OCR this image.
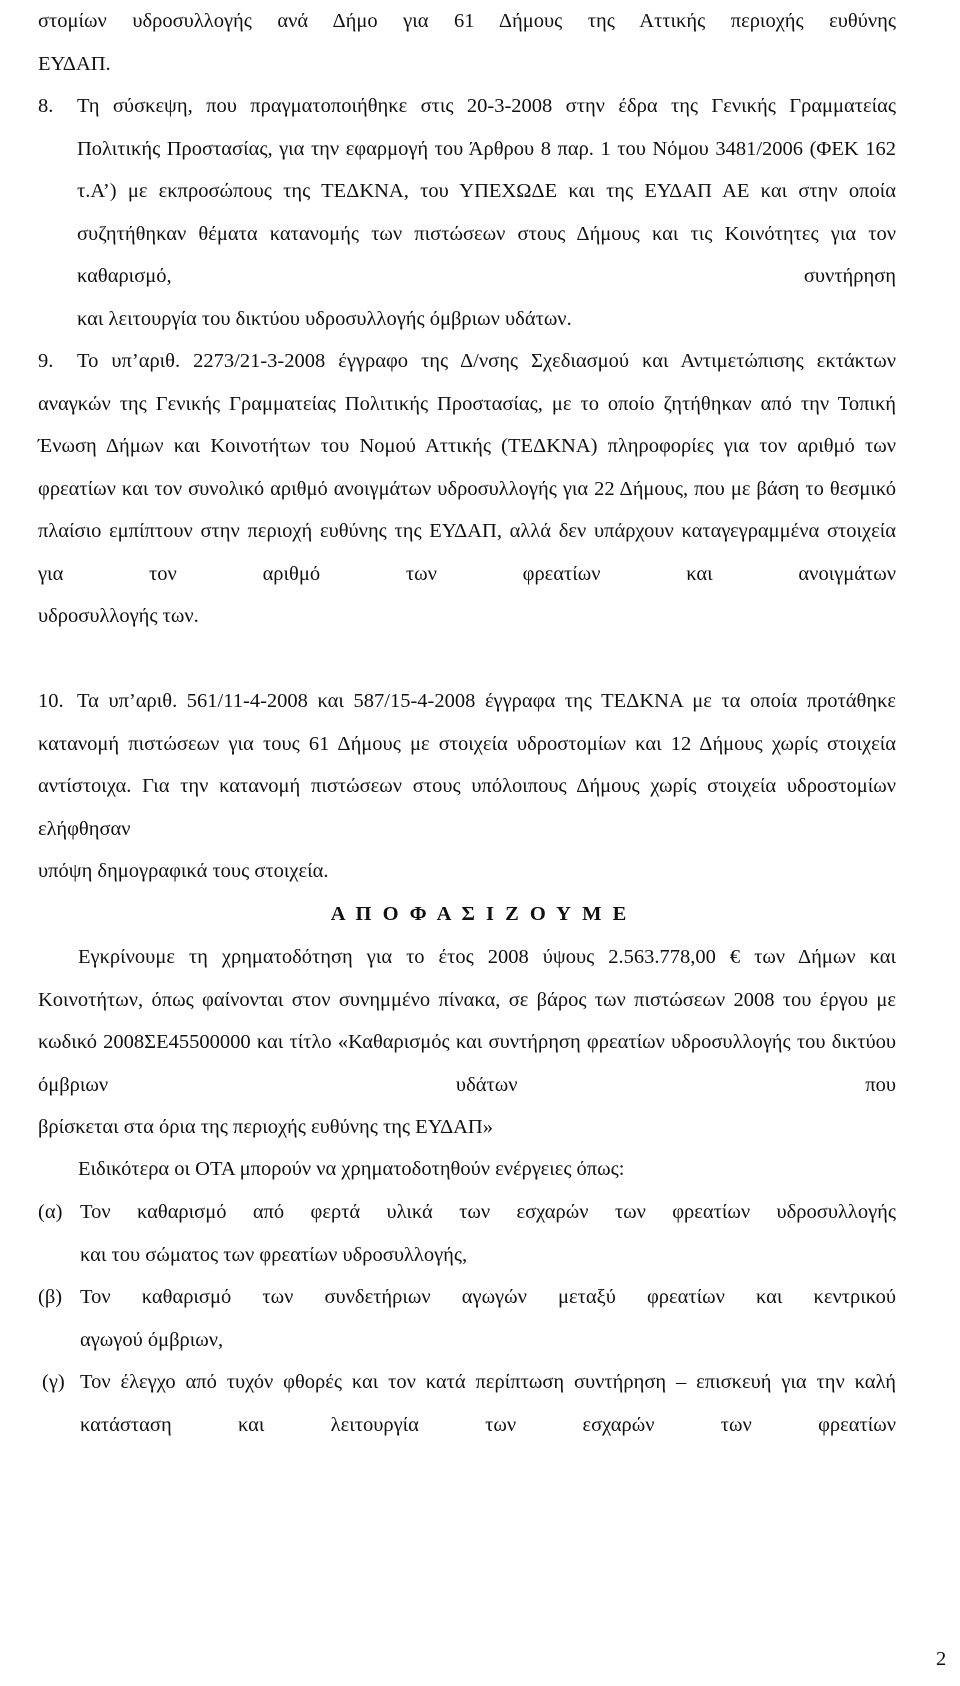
στομίων υδροσυλλογής ανά Δήμο για 61 Δήμους της Αττικής περιοχής ευθύνης
ΕΥΔΑΠ.
8.	Τη σύσκεψη, που πραγματοποιήθηκε στις 20-3-2008 στην έδρα της Γενικής Γραμματείας Πολιτικής Προστασίας, για την εφαρμογή του Άρθρου 8 παρ. 1 του Νόμου 3481/2006 (ΦΕΚ 162 τ.Α’) με εκπροσώπους της ΤΕΔΚΝΑ, του ΥΠΕΧΩΔΕ και της ΕΥΔΑΠ ΑΕ και στην οποία συζητήθηκαν θέματα κατανομής των πιστώσεων στους Δήμους και τις Κοινότητες για τον καθαρισμό, συντήρηση
και λειτουργία του δικτύου υδροσυλλογής όμβριων υδάτων.
9.	Το υπ’αριθ. 2273/21-3-2008 έγγραφο της Δ/νσης Σχεδιασμού και Αντιμετώπισης εκτάκτων αναγκών της Γενικής Γραμματείας Πολιτικής Προστασίας, με το οποίο ζητήθηκαν από την Τοπική Ένωση Δήμων και Κοινοτήτων του Νομού Αττικής (ΤΕΔΚΝΑ) πληροφορίες για τον αριθμό των φρεατίων και τον συνολικό αριθμό ανοιγμάτων υδροσυλλογής για 22 Δήμους, που με βάση το θεσμικό πλαίσιο εμπίπτουν στην περιοχή ευθύνης της ΕΥΔΑΠ, αλλά δεν υπάρχουν καταγεγραμμένα στοιχεία για τον αριθμό των φρεατίων και ανοιγμάτων
υδροσυλλογής των.
10. Τα υπ’αριθ. 561/11-4-2008 και 587/15-4-2008 έγγραφα της ΤΕΔΚΝΑ με τα οποία προτάθηκε κατανομή πιστώσεων για τους 61 Δήμους με στοιχεία υδροστομίων και 12 Δήμους χωρίς στοιχεία αντίστοιχα. Για την κατανομή πιστώσεων στους υπόλοιπους Δήμους χωρίς στοιχεία υδροστομίων ελήφθησαν
υπόψη δημογραφικά τους στοιχεία.
Α Π Ο Φ Α Σ Ι Ζ Ο Υ Μ Ε
Εγκρίνουμε τη χρηματοδότηση για το έτος 2008 ύψους 2.563.778,00 € των Δήμων και Κοινοτήτων, όπως φαίνονται στον συνημμένο πίνακα, σε βάρος των πιστώσεων 2008 του έργου με κωδικό 2008ΣΕ45500000 και τίτλο «Καθαρισμός και συντήρηση φρεατίων υδροσυλλογής του δικτύου όμβριων υδάτων που
βρίσκεται στα όρια της περιοχής ευθύνης της ΕΥΔΑΠ»
Ειδικότερα οι ΟΤΑ μπορούν να χρηματοδοτηθούν ενέργειες όπως:
(α) Τον καθαρισμό από φερτά υλικά των εσχαρών των φρεατίων υδροσυλλογής
και του σώματος των φρεατίων υδροσυλλογής,
(β) Τον καθαρισμό των συνδετήριων αγωγών μεταξύ φρεατίων και κεντρικού
αγωγού όμβριων,
(γ) Τον έλεγχο από τυχόν φθορές και τον κατά περίπτωση συντήρηση – επισκευή για την καλή κατάσταση και λειτουργία των εσχαρών των φρεατίων
2
